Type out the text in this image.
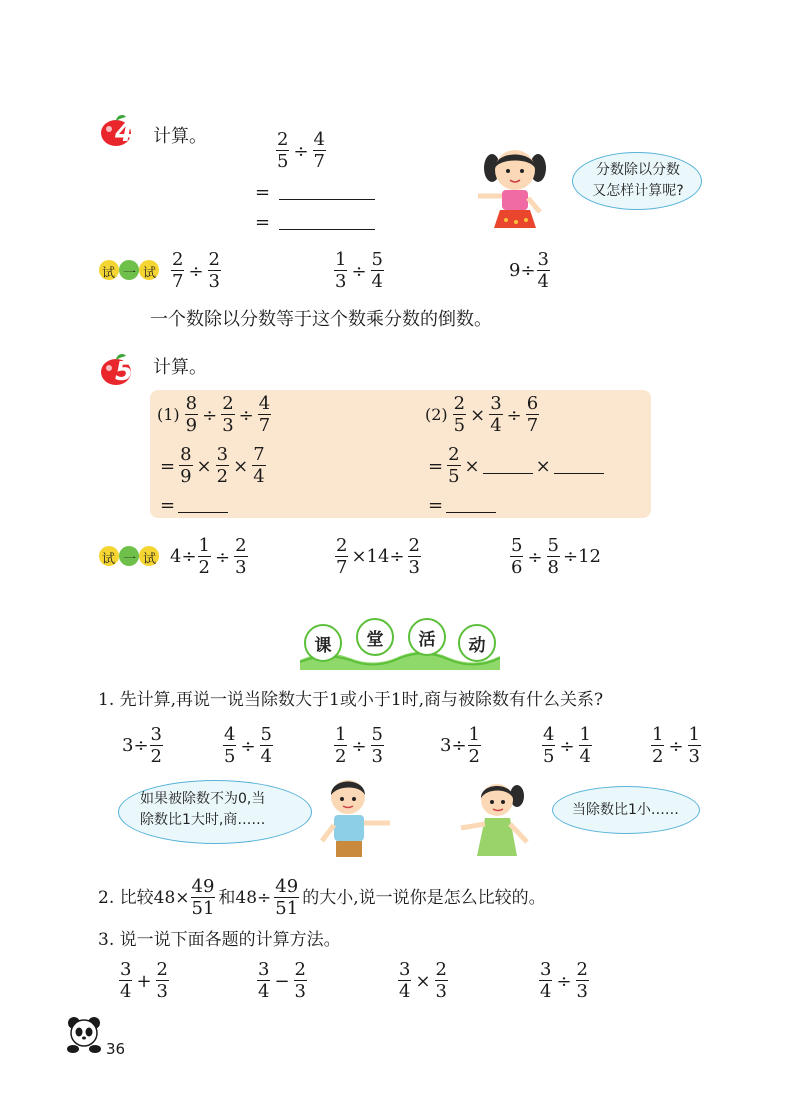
4 计算。	$\frac{2}{5} \div \frac{4}{7}$
=
=
分数除以分数
又怎样计算呢?
试 一 试 $\frac{2}{7} \div \frac{2}{3}$	$\frac{1}{3} \div \frac{5}{4}$	$9\div \frac{3}{4}$
一个数除以分数等于这个数乘分数的倒数。
5 计算。
$(1) \frac{8}{9} \div \frac{2}{3} \div \frac{4}{7}$
= $\frac{8}{9} \times \frac{3}{2} \times \frac{7}{4}$
=
$(2) \frac{2}{5} \times \frac{3}{4} \div \frac{6}{7}$
= $\frac{2}{5}$ ×	×
=
试 一 试 $4\div \frac{1}{2} \div \frac{2}{3}$	$\frac{2}{7} \times 14\div \frac{2}{3}$	$\frac{5}{6} \div \frac{5}{8} \div 12$
课	堂	活	动
1. 先计算,再说一说当除数大于1或小于1时,商与被除数有什么关系?
$3\div \frac{3}{2}$	$\frac{4}{5} \div \frac{5}{4}$	$\frac{1}{2} \div \frac{5}{3}$	$3\div \frac{1}{2}$	$\frac{4}{5} \div \frac{1}{4}$	$\frac{1}{2} \div \frac{1}{3}$
如果被除数不为0,当
除数比1大时,商……
当除数比1小……
2. 比较$48\times \frac{49}{51}$ 和$48\div \frac{49}{51}$ 的大小,说一说你是怎么比较的。
3. 说一说下面各题的计算方法。
$\frac{3}{4} + \frac{2}{3}$	$\frac{3}{4} - \frac{2}{3}$	$\frac{3}{4} \times \frac{2}{3}$	$\frac{3}{4} \div \frac{2}{3}$
36
